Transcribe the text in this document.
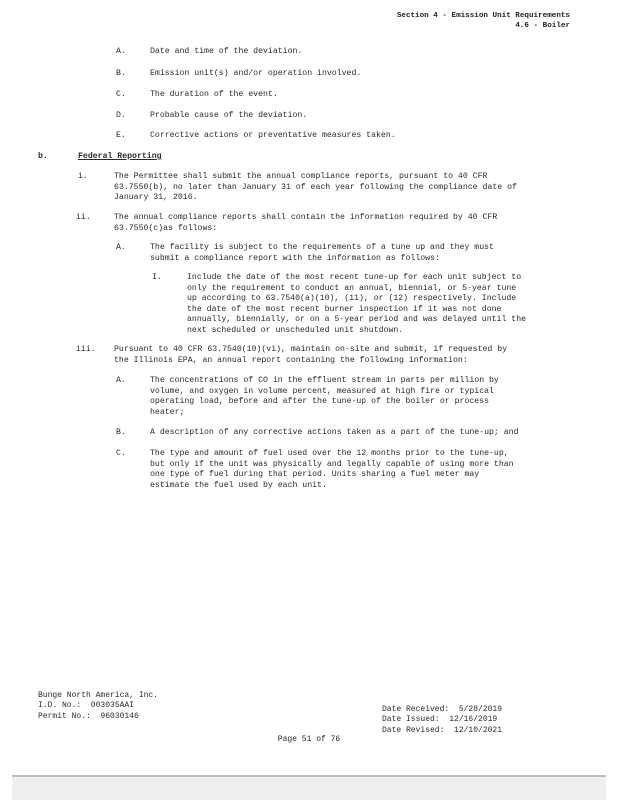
Section 4 - Emission Unit Requirements
4.6 - Boiler
A.	Date and time of the deviation.
B.	Emission unit(s) and/or operation involved.
C.	The duration of the event.
D.	Probable cause of the deviation.
E.	Corrective actions or preventative measures taken.
b.	Federal Reporting
i.	The Permittee shall submit the annual compliance reports, pursuant to 40 CFR
63.7550(b), no later than January 31 of each year following the compliance date of
January 31, 2016.
ii.	The annual compliance reports shall contain the information required by 40 CFR
63.7550(c)as follows:
A.	The facility is subject to the requirements of a tune up and they must
submit a compliance report with the information as follows:
I.	Include the date of the most recent tune-up for each unit subject to
only the requirement to conduct an annual, biennial, or 5-year tune
up according to 63.7540(a)(10), (11), or (12) respectively. Include
the date of the most recent burner inspection if it was not done
annually, biennially, or on a 5-year period and was delayed until the
next scheduled or unscheduled unit shutdown.
iii. Pursuant to 40 CFR 63.7540(10)(vi), maintain on-site and submit, if requested by
the Illinois EPA, an annual report containing the following information:
A.	The concentrations of CO in the effluent stream in parts per million by
volume, and oxygen in volume percent, measured at high fire or typical
operating load, before and after the tune-up of the boiler or process
heater;
B.	A description of any corrective actions taken as a part of the tune-up; and
C.	The type and amount of fuel used over the 12 months prior to the tune-up,
but only if the unit was physically and legally capable of using more than
one type of fuel during that period. Units sharing a fuel meter may
estimate the fuel used by each unit.
Bunge North America, Inc.
I.D. No.:  003035AAI
Permit No.:  96030146
Date Received:  5/28/2019
Date Issued:  12/16/2019
Date Revised:  12/10/2021
Page 51 of 76
